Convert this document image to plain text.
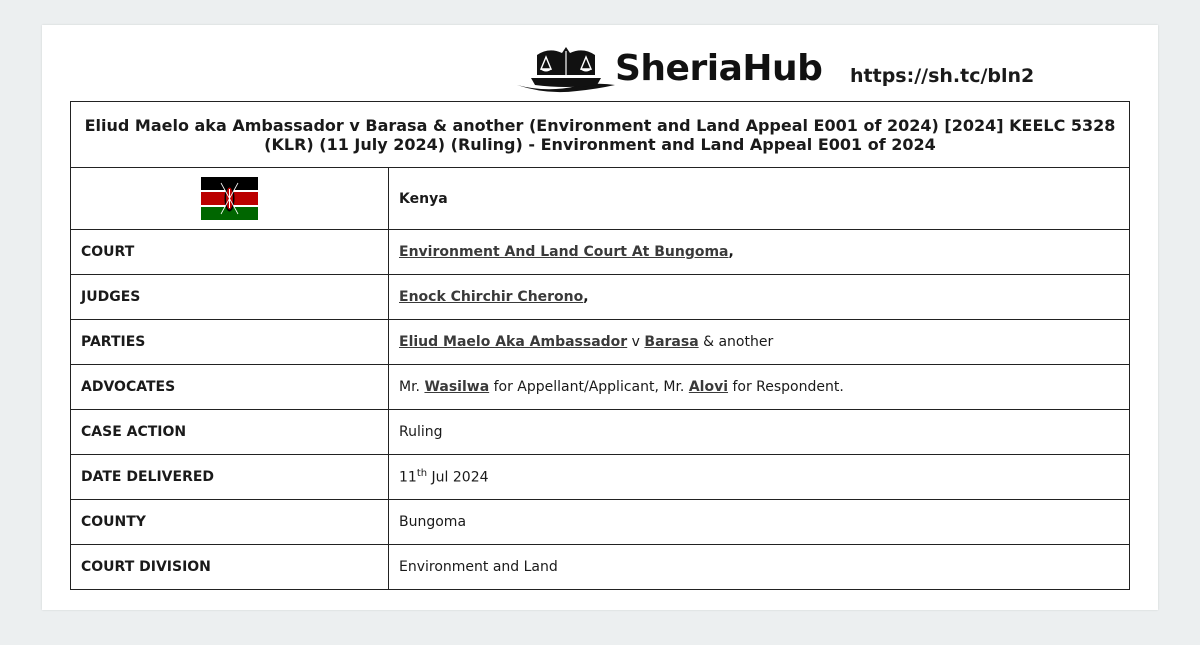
SheriaHub https://sh.tc/bln2
Eliud Maelo aka Ambassador v Barasa & another (Environment and Land Appeal E001 of 2024) [2024] KEELC 5328 (KLR) (11 July 2024) (Ruling) - Environment and Land Appeal E001 of 2024	
	Kenya
COURT	Environment And Land Court At Bungoma,
JUDGES	Enock Chirchir Cherono,
PARTIES	Eliud Maelo Aka Ambassador v Barasa & another
ADVOCATES	Mr. Wasilwa for Appellant/Applicant, Mr. Alovi for Respondent.
CASE ACTION	Ruling
DATE DELIVERED	11th Jul 2024
COUNTY	Bungoma
COURT DIVISION	Environment and Land
